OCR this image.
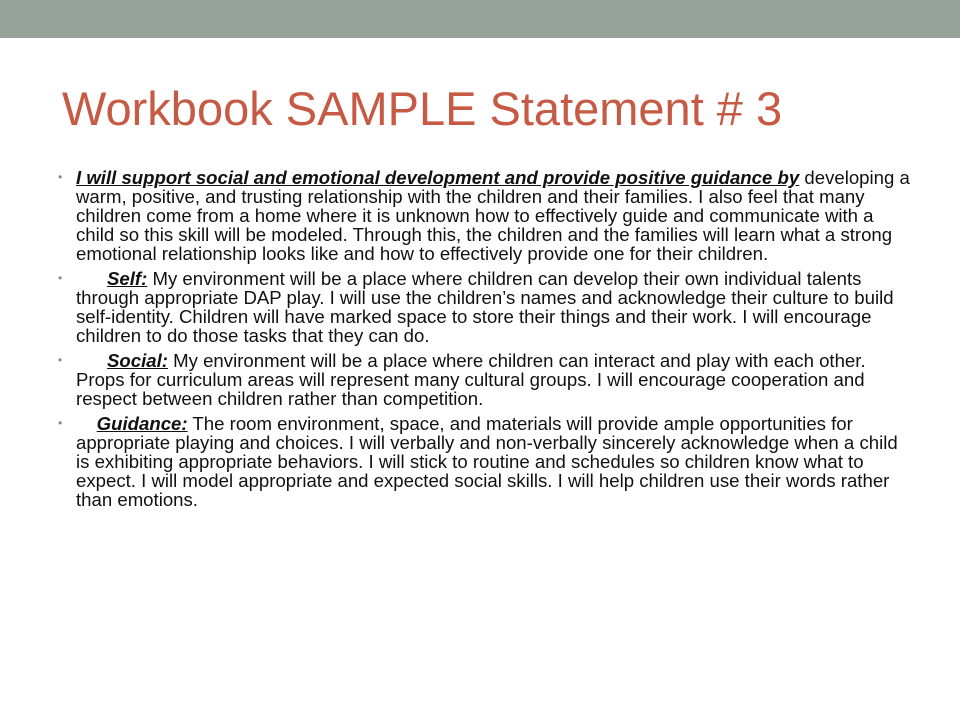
Workbook SAMPLE Statement # 3
• I will support social and emotional development and provide positive guidance by developing a warm, positive, and trusting relationship with the children and their families. I also feel that many children come from a home where it is unknown how to effectively guide and communicate with a child so this skill will be modeled. Through this, the children and the families will learn what a strong emotional relationship looks like and how to effectively provide one for their children.
• Self: My environment will be a place where children can develop their own individual talents through appropriate DAP play. I will use the children’s names and acknowledge their culture to build self-identity. Children will have marked space to store their things and their work. I will encourage children to do those tasks that they can do.
• Social: My environment will be a place where children can interact and play with each other. Props for curriculum areas will represent many cultural groups. I will encourage cooperation and respect between children rather than competition.
• Guidance: The room environment, space, and materials will provide ample opportunities for appropriate playing and choices. I will verbally and non-verbally sincerely acknowledge when a child is exhibiting appropriate behaviors. I will stick to routine and schedules so children know what to expect. I will model appropriate and expected social skills. I will help children use their words rather than emotions.
